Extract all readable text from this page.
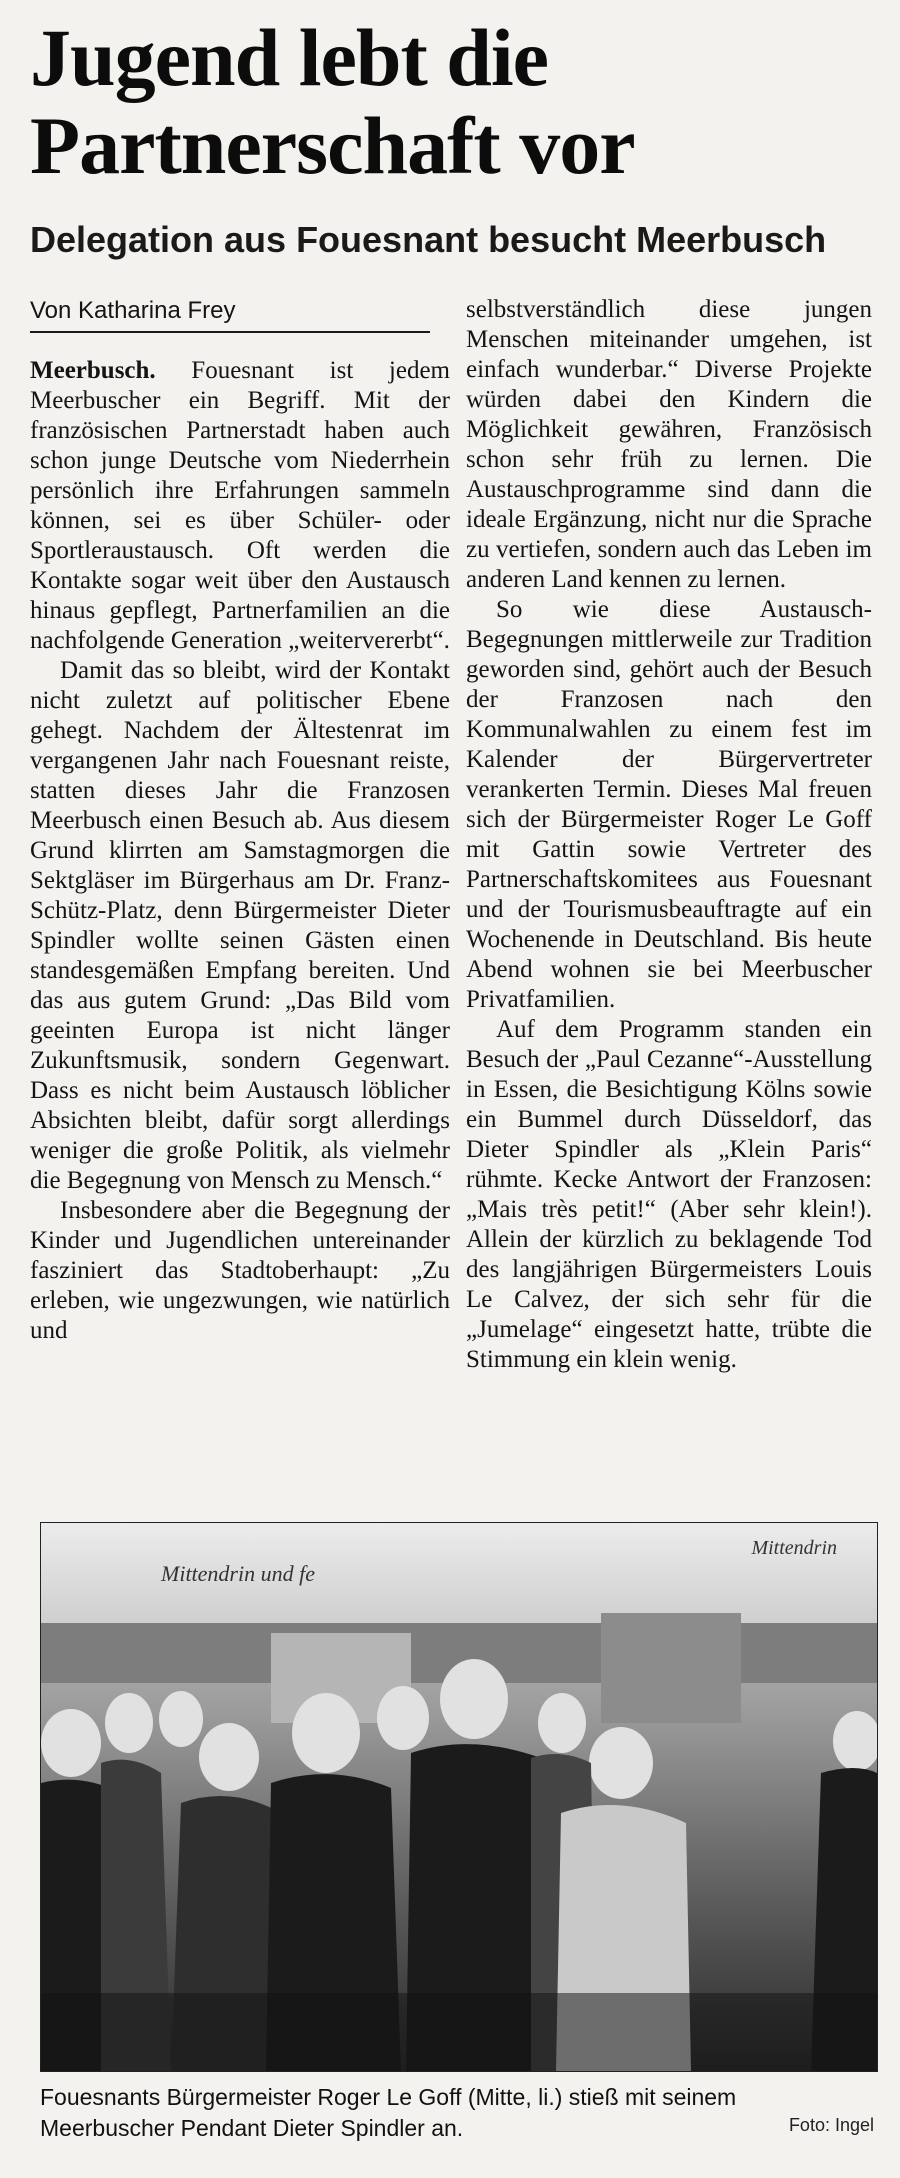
Jugend lebt die
Partnerschaft vor
Delegation aus Fouesnant besucht Meerbusch
Von Katharina Frey

Meerbusch. Fouesnant ist jedem Meerbuscher ein Begriff. Mit der französischen Partnerstadt haben auch schon junge Deutsche vom Niederrhein persönlich ihre Erfahrungen sammeln können, sei es über Schüler- oder Sportleraustausch. Oft werden die Kontakte sogar weit über den Austausch hinaus gepflegt, Partnerfamilien an die nachfolgende Generation „weitervererbt“.

Damit das so bleibt, wird der Kontakt nicht zuletzt auf politischer Ebene gehegt. Nachdem der Ältestenrat im vergangenen Jahr nach Fouesnant reiste, statten dieses Jahr die Franzosen Meerbusch einen Besuch ab. Aus diesem Grund klirrten am Samstagmorgen die Sektgläser im Bürgerhaus am Dr. Franz-Schütz-Platz, denn Bürgermeister Dieter Spindler wollte seinen Gästen einen standesgemäßen Empfang bereiten. Und das aus gutem Grund: „Das Bild vom geeinten Europa ist nicht länger Zukunftsmusik, sondern Gegenwart. Dass es nicht beim Austausch löblicher Absichten bleibt, dafür sorgt allerdings weniger die große Politik, als vielmehr die Begegnung von Mensch zu Mensch.“

Insbesondere aber die Begegnung der Kinder und Jugendlichen untereinander fasziniert das Stadtoberhaupt: „Zu erleben, wie ungezwungen, wie natürlich und

selbstverständlich diese jungen Menschen miteinander umgehen, ist einfach wunderbar.“ Diverse Projekte würden dabei den Kindern die Möglichkeit gewähren, Französisch schon sehr früh zu lernen. Die Austauschprogramme sind dann die ideale Ergänzung, nicht nur die Sprache zu vertiefen, sondern auch das Leben im anderen Land kennen zu lernen.

So wie diese Austausch-Begegnungen mittlerweile zur Tradition geworden sind, gehört auch der Besuch der Franzosen nach den Kommunalwahlen zu einem fest im Kalender der Bürgervertreter verankerten Termin. Dieses Mal freuen sich der Bürgermeister Roger Le Goff mit Gattin sowie Vertreter des Partnerschaftskomitees aus Fouesnant und der Tourismusbeauftragte auf ein Wochenende in Deutschland. Bis heute Abend wohnen sie bei Meerbuscher Privatfamilien.

Auf dem Programm standen ein Besuch der „Paul Cezanne“-Ausstellung in Essen, die Besichtigung Kölns sowie ein Bummel durch Düsseldorf, das Dieter Spindler als „Klein Paris“ rühmte. Kecke Antwort der Franzosen: „Mais très petit!“ (Aber sehr klein!). Allein der kürzlich zu beklagende Tod des langjährigen Bürgermeisters Louis Le Calvez, der sich sehr für die „Jumelage“ eingesetzt hatte, trübte die Stimmung ein klein wenig.

Mittendrin und fe
Mittendrin
Fouesnants Bürgermeister Roger Le Goff (Mitte, li.) stieß mit seinem Meerbuscher Pendant Dieter Spindler an.	Foto: Ingel
